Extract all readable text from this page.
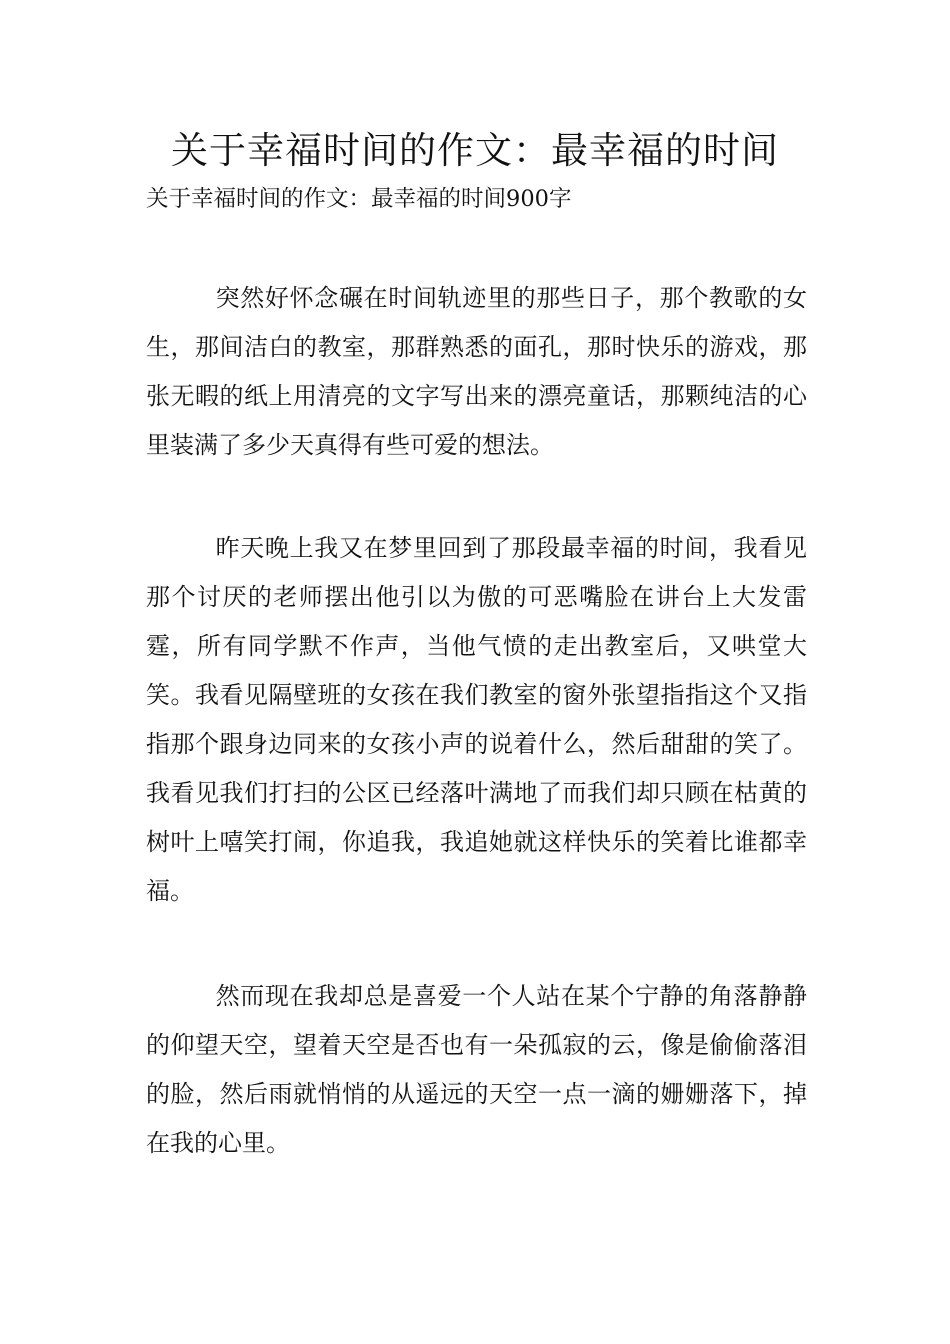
关于幸福时间的作文：最幸福的时间
关于幸福时间的作文：最幸福的时间900字

突然好怀念碾在时间轨迹里的那些日子，那个教歌的女生，那间洁白的教室，那群熟悉的面孔，那时快乐的游戏，那张无暇的纸上用清亮的文字写出来的漂亮童话，那颗纯洁的心里装满了多少天真得有些可爱的想法。

昨天晚上我又在梦里回到了那段最幸福的时间，我看见那个讨厌的老师摆出他引以为傲的可恶嘴脸在讲台上大发雷霆，所有同学默不作声，当他气愤的走出教室后，又哄堂大笑。我看见隔壁班的女孩在我们教室的窗外张望指指这个又指指那个跟身边同来的女孩小声的说着什么，然后甜甜的笑了。我看见我们打扫的公区已经落叶满地了而我们却只顾在枯黄的树叶上嘻笑打闹，你追我，我追她就这样快乐的笑着比谁都幸福。

然而现在我却总是喜爱一个人站在某个宁静的角落静静的仰望天空，望着天空是否也有一朵孤寂的云，像是偷偷落泪的脸，然后雨就悄悄的从遥远的天空一点一滴的姗姗落下，掉在我的心里。
